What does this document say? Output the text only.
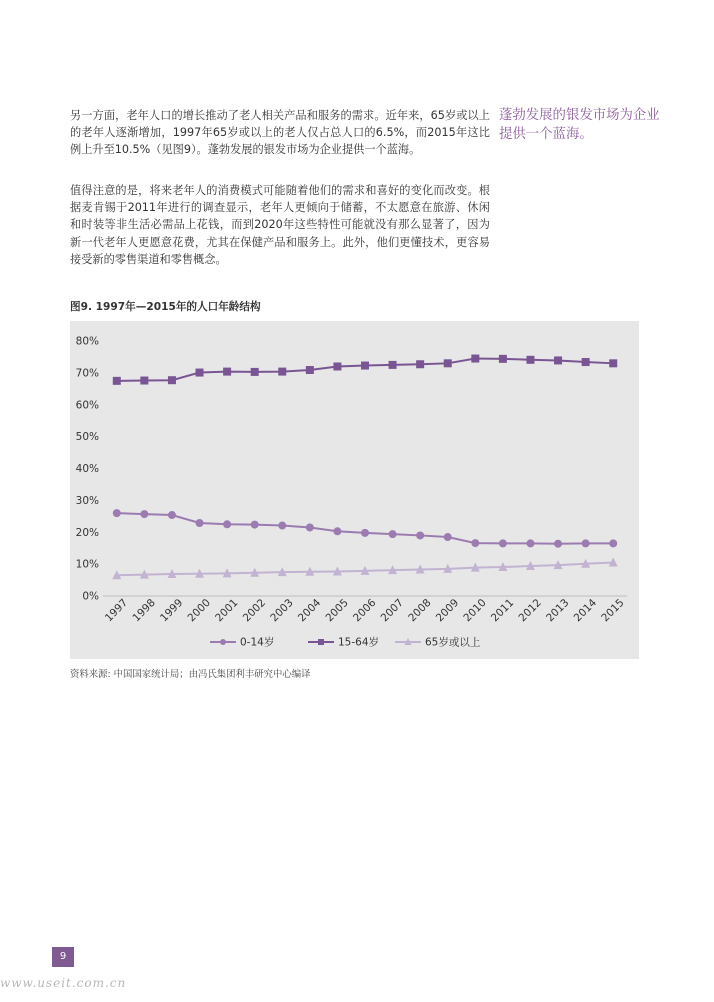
另一方面，老年人口的增长推动了老人相关产品和服务的需求。近年来，65岁或以上的老年人逐渐增加，1997年65岁或以上的老人仅占总人口的6.5%，而2015年这比例上升至10.5%（见图9）。蓬勃发展的银发市场为企业提供一个蓝海。

值得注意的是，将来老年人的消费模式可能随着他们的需求和喜好的变化而改变。根据麦肯锡于2011年进行的调查显示，老年人更倾向于储蓄，不太愿意在旅游、休闲和时装等非生活必需品上花钱，而到2020年这些特性可能就没有那么显著了，因为新一代老年人更愿意花费，尤其在保健产品和服务上。此外，他们更懂技术，更容易接受新的零售渠道和零售概念。

蓬勃发展的银发市场为企业提供一个蓝海。
图9. 1997年—2015年的人口年龄结构
0%
10%
20%
30%
40%
50%
60%
70%
80%
1997 1998 1999 2000 2001 2002 2003 2004 2005 2006 2007 2008 2009 2010 2011 2012 2013 2014 2015
0-14岁	15-64岁	65岁或以上
资料来源: 中国国家统计局；由冯氏集团利丰研究中心编译
9
www.useit.com.cn
